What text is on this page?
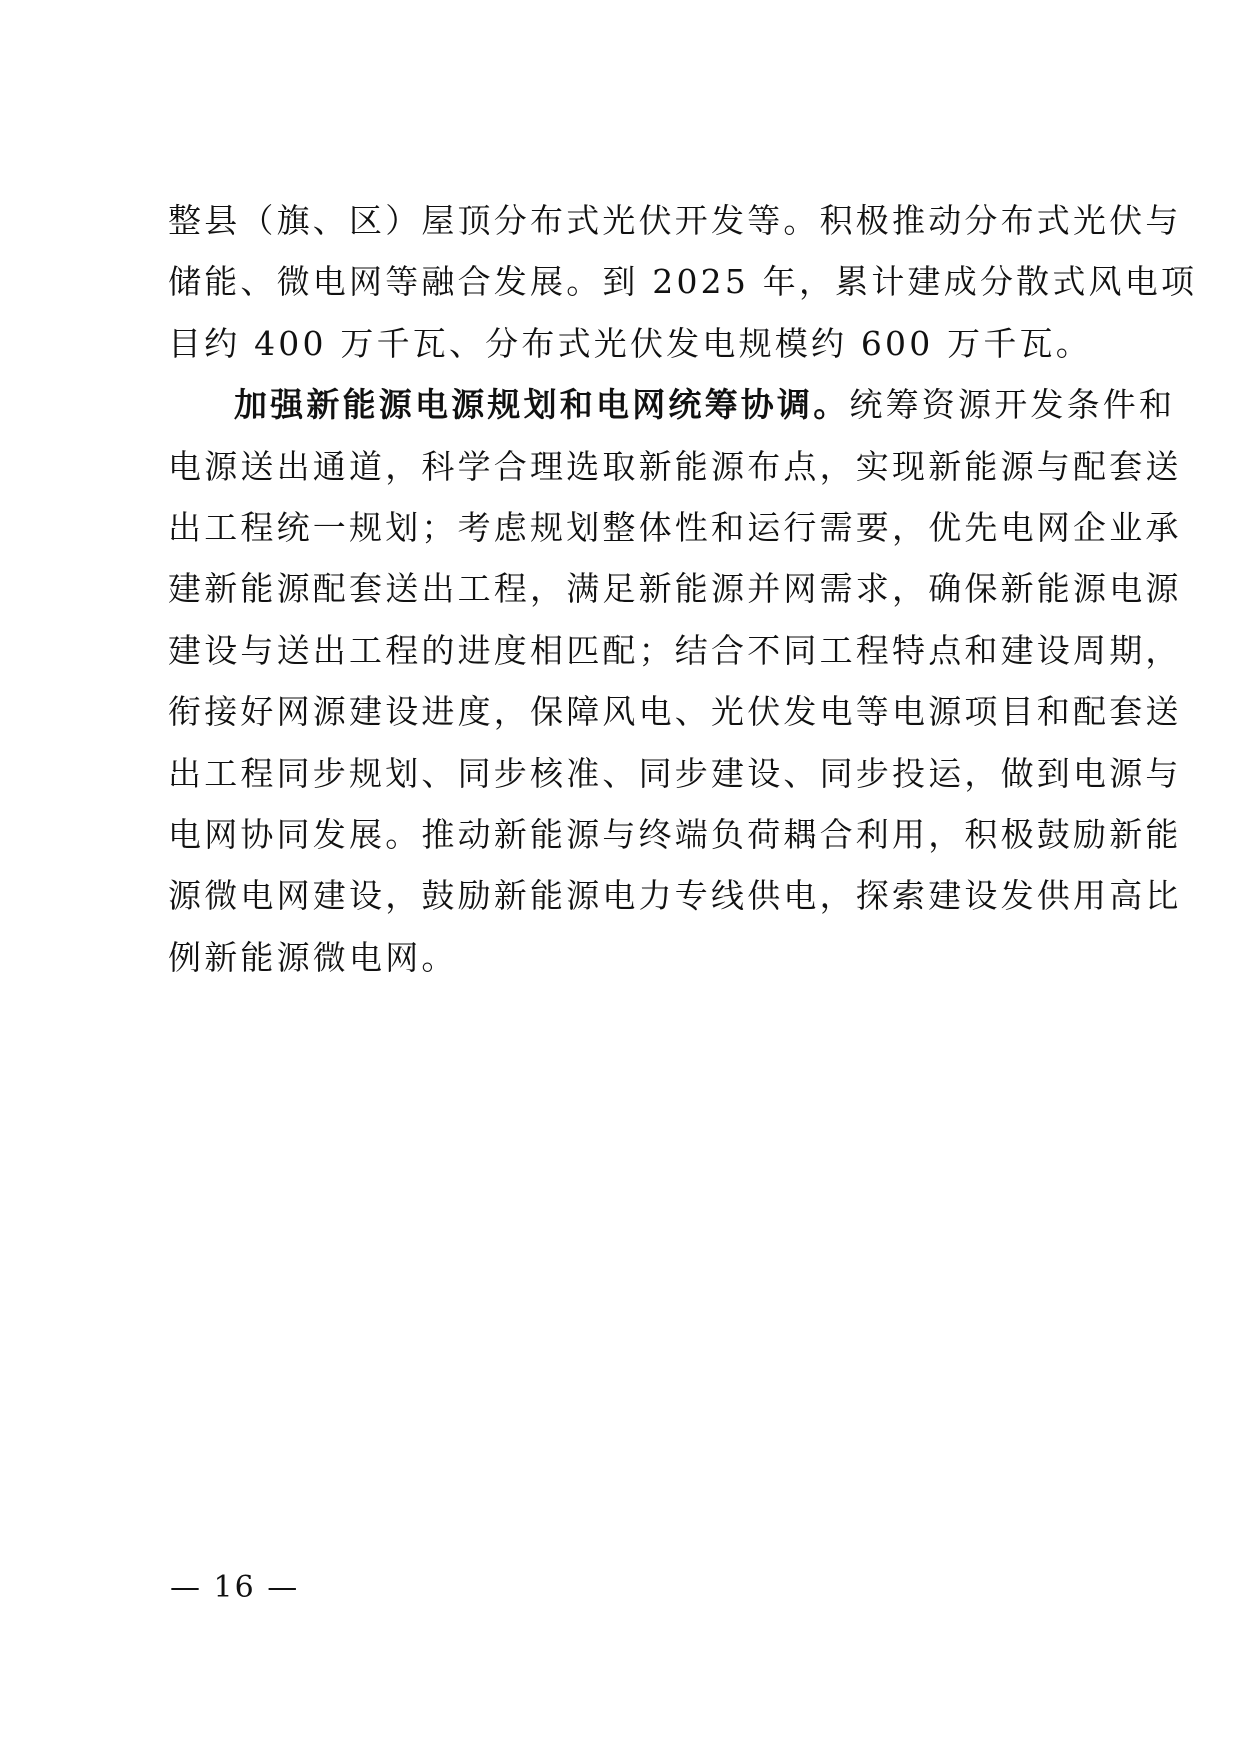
整县（旗、区）屋顶分布式光伏开发等。积极推动分布式光伏与
储能、微电网等融合发展。到 2025 年，累计建成分散式风电项
目约 400 万千瓦、分布式光伏发电规模约 600 万千瓦。
加强新能源电源规划和电网统筹协调。统筹资源开发条件和
电源送出通道，科学合理选取新能源布点，实现新能源与配套送
出工程统一规划；考虑规划整体性和运行需要，优先电网企业承
建新能源配套送出工程，满足新能源并网需求，确保新能源电源
建设与送出工程的进度相匹配；结合不同工程特点和建设周期，
衔接好网源建设进度，保障风电、光伏发电等电源项目和配套送
出工程同步规划、同步核准、同步建设、同步投运，做到电源与
电网协同发展。推动新能源与终端负荷耦合利用，积极鼓励新能
源微电网建设，鼓励新能源电力专线供电，探索建设发供用高比
例新能源微电网。
— 16 —
